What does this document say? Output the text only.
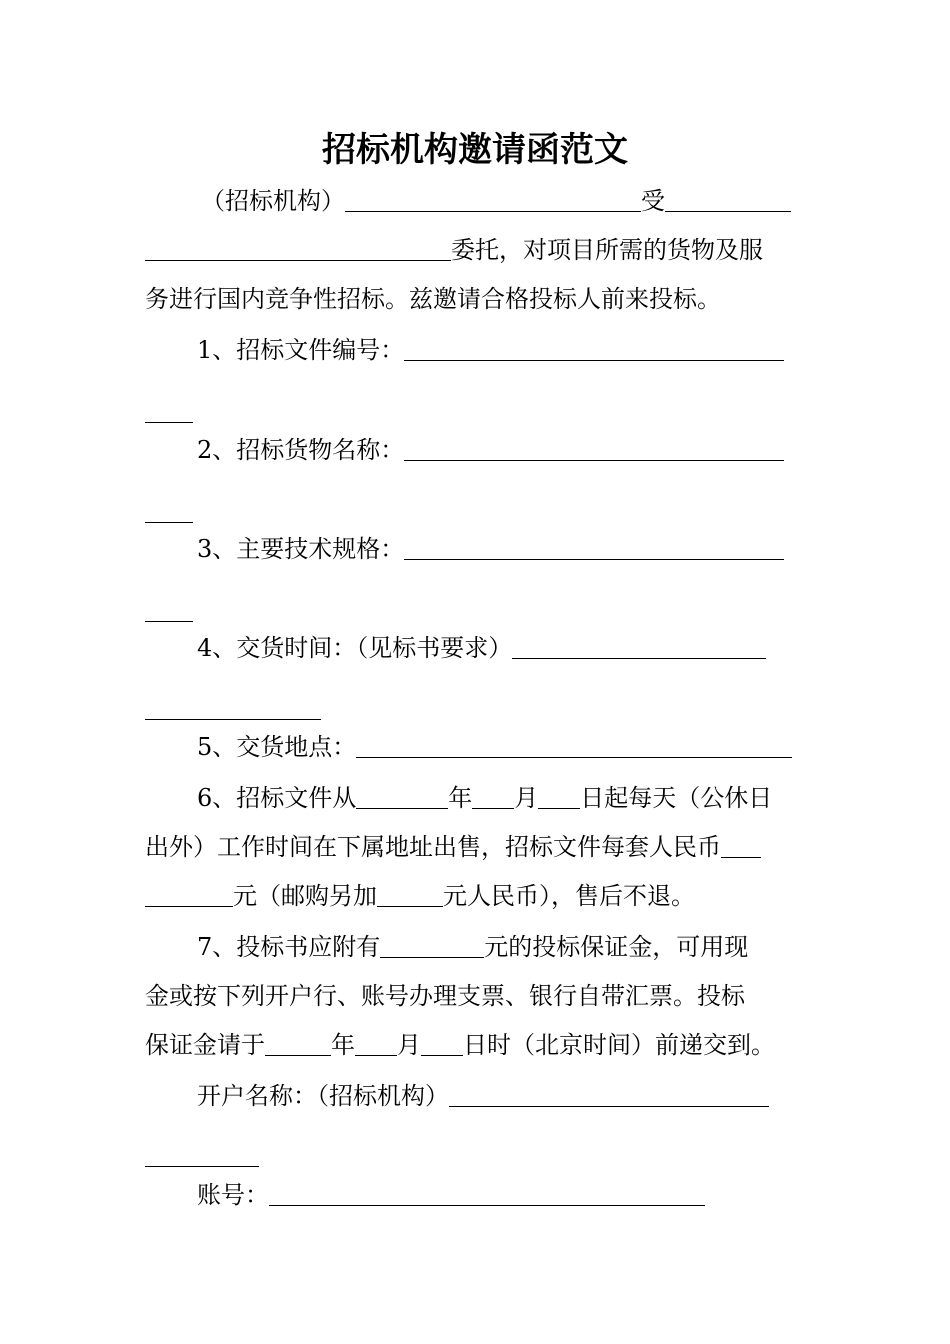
招标机构邀请函范文
（招标机构）	受
委托，对项目所需的货物及服
务进行国内竞争性招标。兹邀请合格投标人前来投标。
1、招标文件编号：
2、招标货物名称：
3、主要技术规格：
4、交货时间：（见标书要求）
5、交货地点：
6、招标文件从	年 月 日起每天（公休日
出外）工作时间在下属地址出售，招标文件每套人民币
元（邮购另加	元人民币），售后不退。
7、投标书应附有	元的投标保证金，可用现
金或按下列开户行、账号办理支票、银行自带汇票。投标
保证金请于	年 月 日时（北京时间）前递交到。
开户名称：（招标机构）
账号：
